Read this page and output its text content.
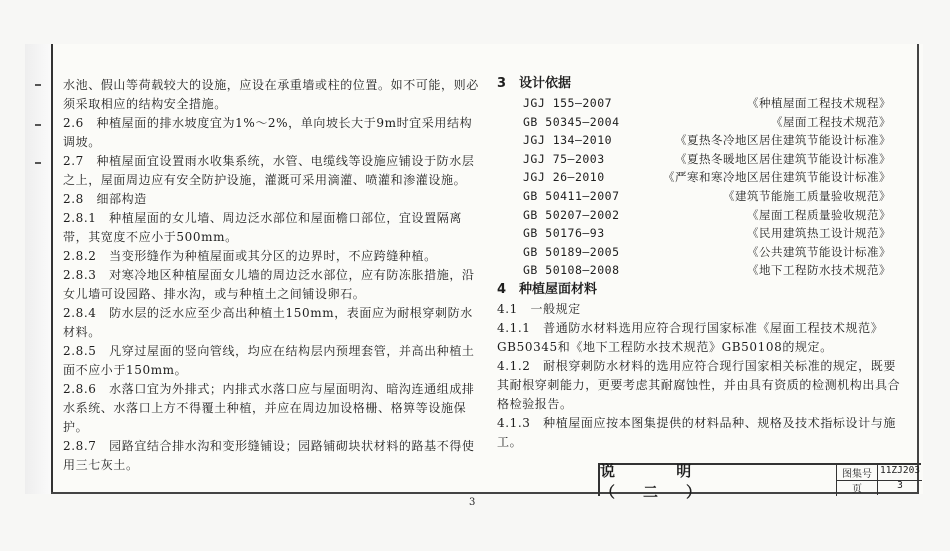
水池、假山等荷载较大的设施，应设在承重墙或柱的位置。如不可能，则必须采取相应的结构安全措施。

2.6　种植屋面的排水坡度宜为1%～2%，单向坡长大于9m时宜采用结构调坡。

2.7　种植屋面宜设置雨水收集系统，水管、电缆线等设施应铺设于防水层之上，屋面周边应有安全防护设施，灌溉可采用滴灌、喷灌和渗灌设施。

2.8　细部构造

2.8.1　种植屋面的女儿墙、周边泛水部位和屋面檐口部位，宜设置隔离带，其宽度不应小于500mm。

2.8.2　当变形缝作为种植屋面或其分区的边界时，不应跨缝种植。

2.8.3　对寒冷地区种植屋面女儿墙的周边泛水部位，应有防冻胀措施，沿女儿墙可设园路、排水沟，或与种植土之间铺设卵石。

2.8.4　防水层的泛水应至少高出种植土150mm，表面应为耐根穿刺防水材料。

2.8.5　凡穿过屋面的竖向管线，均应在结构层内预埋套管，并高出种植土面不应小于150mm。

2.8.6　水落口宜为外排式；内排式水落口应与屋面明沟、暗沟连通组成排水系统、水落口上方不得覆土种植，并应在周边加设格栅、格箅等设施保护。

2.8.7　园路宜结合排水沟和变形缝铺设；园路铺砌块状材料的路基不得使用三七灰土。

3　设计依据
JGJ 155—2007	《种植屋面工程技术规程》
GB 50345—2004	《屋面工程技术规范》
JGJ 134—2010	《夏热冬冷地区居住建筑节能设计标准》
JGJ 75—2003	《夏热冬暖地区居住建筑节能设计标准》
JGJ 26—2010	《严寒和寒冷地区居住建筑节能设计标准》
GB 50411—2007	《建筑节能施工质量验收规范》
GB 50207—2002	《屋面工程质量验收规范》
GB 50176—93	《民用建筑热工设计规范》
GB 50189—2005	《公共建筑节能设计标准》
GB 50108—2008	《地下工程防水技术规范》
4　种植屋面材料

4.1　一般规定

4.1.1　普通防水材料选用应符合现行国家标准《屋面工程技术规范》GB50345和《地下工程防水技术规范》GB50108的规定。

4.1.2　耐根穿刺防水材料的选用应符合现行国家相关标准的规定，既要其耐根穿刺能力，更要考虑其耐腐蚀性，并由具有资质的检测机构出具合格检验报告。

4.1.3　种植屋面应按本图集提供的材料品种、规格及技术指标设计与施工。

说 明（二）
图集号 11ZJ203
页	3
3
